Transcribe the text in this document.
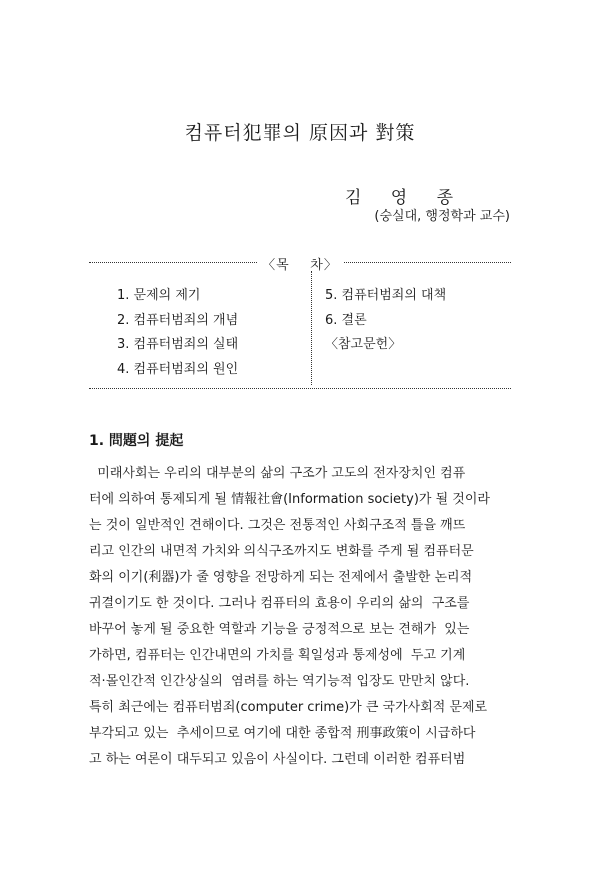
컴퓨터犯罪의 原因과 對策
김 영 종
(숭실대, 행정학과 교수)
〈목    차〉
1. 문제의 제기
2. 컴퓨터범죄의 개념
3. 컴퓨터범죄의 실태
4. 컴퓨터범죄의 원인
5. 컴퓨터범죄의 대책
6. 결론
〈참고문헌〉
1. 問題의 提起

미래사회는 우리의 대부분의 삶의 구조가 고도의 전자장치인 컴퓨
터에 의하여 통제되게 될 情報社會(Information society)가 될 것이라
는 것이 일반적인 견해이다. 그것은 전통적인 사회구조적 틀을 깨뜨
리고 인간의 내면적 가치와 의식구조까지도 변화를 주게 될 컴퓨터문
화의 이기(利器)가 줄 영향을 전망하게 되는 전제에서 출발한 논리적
귀결이기도 한 것이다. 그러나 컴퓨터의 효용이 우리의 삶의  구조를
바꾸어 놓게 될 중요한 역할과 기능을 긍정적으로 보는 견해가  있는
가하면, 컴퓨터는 인간내면의 가치를 획일성과 통제성에  두고 기계
적·몰인간적 인간상실의  염려를 하는 역기능적 입장도 만만치 않다.
특히 최근에는 컴퓨터범죄(computer crime)가 큰 국가사회적 문제로
부각되고 있는  추세이므로 여기에 대한 종합적 刑事政策이 시급하다
고 하는 여론이 대두되고 있음이 사실이다. 그런데 이러한 컴퓨터범
